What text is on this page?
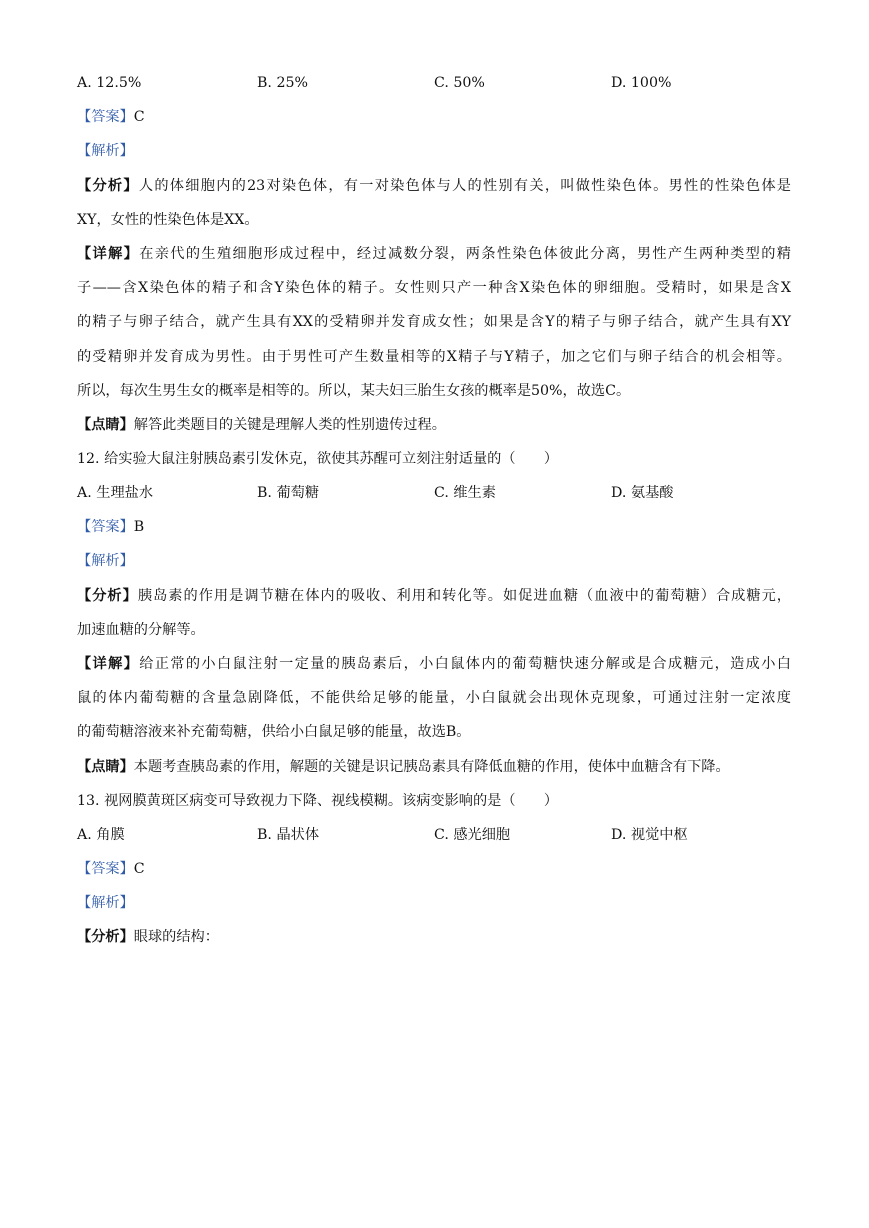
A. 12.5%	B. 25%	C. 50%	D. 100%
【答案】C
【解析】
【分析】人的体细胞内的23对染色体，有一对染色体与人的性别有关，叫做性染色体。男性的性染色体是
XY，女性的性染色体是XX。
【详解】在亲代的生殖细胞形成过程中，经过减数分裂，两条性染色体彼此分离，男性产生两种类型的精
子——含X染色体的精子和含Y染色体的精子。女性则只产一种含X染色体的卵细胞。受精时，如果是含X
的精子与卵子结合，就产生具有XX的受精卵并发育成女性；如果是含Y的精子与卵子结合，就产生具有XY
的受精卵并发育成为男性。由于男性可产生数量相等的X精子与Y精子，加之它们与卵子结合的机会相等。
所以，每次生男生女的概率是相等的。所以，某夫妇三胎生女孩的概率是50%，故选C。
【点睛】解答此类题目的关键是理解人类的性别遗传过程。
12. 给实验大鼠注射胰岛素引发休克，欲使其苏醒可立刻注射适量的（　　）
A. 生理盐水	B. 葡萄糖	C. 维生素	D. 氨基酸
【答案】B
【解析】
【分析】胰岛素的作用是调节糖在体内的吸收、利用和转化等。如促进血糖（血液中的葡萄糖）合成糖元，
加速血糖的分解等。
【详解】给正常的小白鼠注射一定量的胰岛素后，小白鼠体内的葡萄糖快速分解或是合成糖元，造成小白
鼠的体内葡萄糖的含量急剧降低，不能供给足够的能量，小白鼠就会出现休克现象，可通过注射一定浓度
的葡萄糖溶液来补充葡萄糖，供给小白鼠足够的能量，故选B。
【点睛】本题考查胰岛素的作用，解题的关键是识记胰岛素具有降低血糖的作用，使体中血糖含有下降。
13. 视网膜黄斑区病变可导致视力下降、视线模糊。该病变影响的是（　　）
A. 角膜	B. 晶状体	C. 感光细胞	D. 视觉中枢
【答案】C
【解析】
【分析】眼球的结构：
